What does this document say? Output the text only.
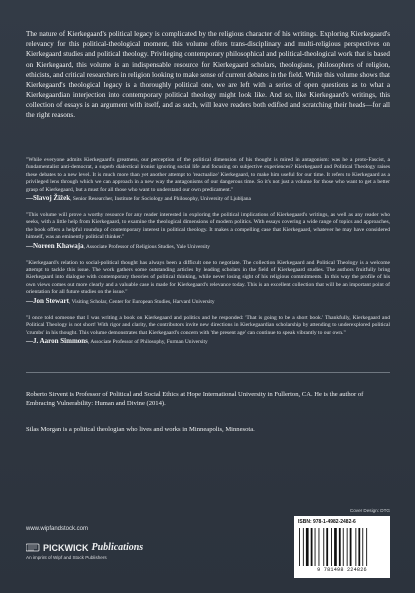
The nature of Kierkegaard's political legacy is complicated by the religious character of his writings. Exploring Kierkegaard's relevancy for this political-theological moment, this volume offers trans-disciplinary and multi-religious perspectives on Kierkegaard studies and political theology. Privileging contemporary philosophical and political-theological work that is based on Kierkegaard, this volume is an indispensable resource for Kierkegaard scholars, theologians, philosophers of religion, ethicists, and critical researchers in religion looking to make sense of current debates in the field. While this volume shows that Kierkegaard's theological legacy is a thoroughly political one, we are left with a series of open questions as to what a Kierkegaardian interjection into contemporary political theology might look like. And so, like Kierkegaard's writings, this collection of essays is an argument with itself, and as such, will leave readers both edified and scratching their heads—for all the right reasons.

"While everyone admits Kierkegaard's greatness, our perception of the political dimension of his thought is mired in antagonism: was he a proto-Fascist, a fundamentalist anti-democrat, a superb dialectical ironist ignoring social life and focusing on subjective experiences? Kierkegaard and Political Theology raises these debates to a new level. It is much more than yet another attempt to 'reactualize' Kierkegaard, to make him useful for our time. It refers to Kierkegaard as a privileged lens through which we can approach in a new way the antagonisms of our dangerous time. So it's not just a volume for those who want to get a better grasp of Kierkegaard, but a must for all those who want to understand our own predicament."
—Slavoj Žižek, Senior Researcher, Institute for Sociology and Philosophy, University of Ljubljana
"This volume will prove a worthy resource for any reader interested in exploring the political implications of Kierkegaard's writings, as well as any reader who seeks, with a little help from Kierkegaard, to examine the theological dimensions of modern politics. With essays covering a wide range of topics and approaches, the book offers a helpful roundup of contemporary interest in political theology. It makes a compelling case that Kierkegaard, whatever he may have considered himself, was an eminently political thinker."
—Noreen Khawaja, Associate Professor of Religious Studies, Yale University
"Kierkegaard's relation to social-political thought has always been a difficult one to negotiate. The collection Kierkegaard and Political Theology is a welcome attempt to tackle this issue. The work gathers some outstanding articles by leading scholars in the field of Kierkegaard studies. The authors fruitfully bring Kierkegaard into dialogue with contemporary theories of political thinking, while never losing sight of his religious commitments. In this way the profile of his own views comes out more clearly and a valuable case is made for Kierkegaard's relevance today. This is an excellent collection that will be an important point of orientation for all future studies on the issue."
—Jon Stewart, Visiting Scholar, Center for European Studies, Harvard University
"I once told someone that I was writing a book on Kierkegaard and politics and he responded: 'That is going to be a short book.' Thankfully, Kierkegaard and Political Theology is not short! With rigor and clarity, the contributors invite new directions in Kierkegaardian scholarship by attending to underexplored political 'crumbs' in his thought. This volume demonstrates that Kierkegaard's concern with 'the present age' can continue to speak vibrantly to our own."
—J. Aaron Simmons, Associate Professor of Philosophy, Furman University

Roberto Sirvent is Professor of Political and Social Ethics at Hope International University in Fullerton, CA. He is the author of Embracing Vulnerability: Human and Divine (2014).

Silas Morgan is a political theologian who lives and works in Minneapolis, Minnesota.

www.wipfandstock.com
PICKWICK Publications
An imprint of Wipf and Stock Publishers
Cover Design: DTG
ISBN: 978-1-4982-2482-6
9 781498 224826
